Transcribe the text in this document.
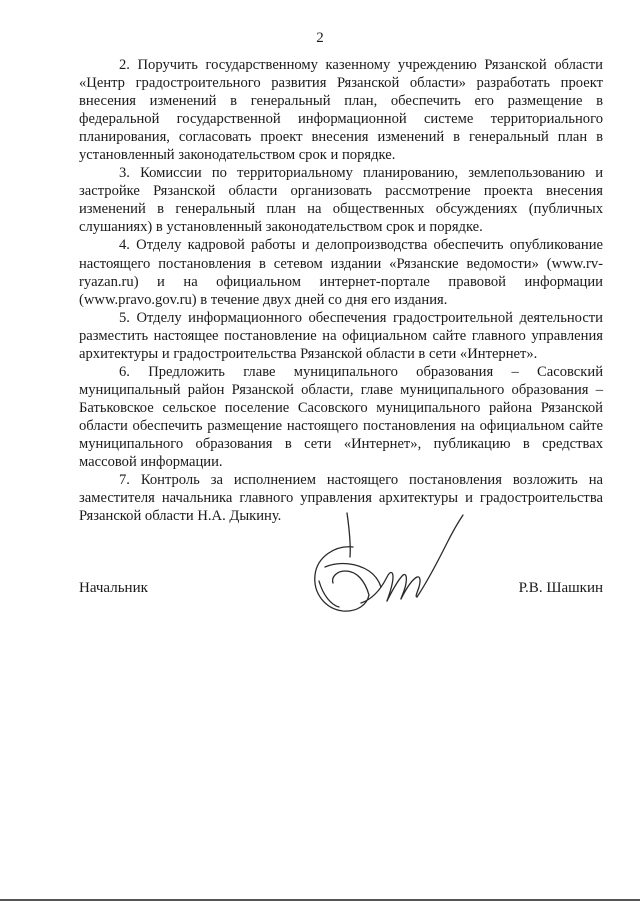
2

2. Поручить государственному казенному учреждению Рязанской области «Центр градостроительного развития Рязанской области» разработать проект внесения изменений в генеральный план, обеспечить его размещение в федеральной государственной информационной системе территориального планирования, согласовать проект внесения изменений в генеральный план в установленный законодательством срок и порядке.

3. Комиссии по территориальному планированию, землепользованию и застройке Рязанской области организовать рассмотрение проекта внесения изменений в генеральный план на общественных обсуждениях (публичных слушаниях) в установленный законодательством срок и порядке.

4. Отделу кадровой работы и делопроизводства обеспечить опубликование настоящего постановления в сетевом издании «Рязанские ведомости» (www.rv-ryazan.ru) и на официальном интернет-портале правовой информации (www.pravo.gov.ru) в течение двух дней со дня его издания.

5. Отделу информационного обеспечения градостроительной деятельности разместить настоящее постановление на официальном сайте главного управления архитектуры и градостроительства Рязанской области в сети «Интернет».

6. Предложить главе муниципального образования – Сасовский муниципальный район Рязанской области, главе муниципального образования – Батьковское сельское поселение Сасовского муниципального района Рязанской области обеспечить размещение настоящего постановления на официальном сайте муниципального образования в сети «Интернет», публикацию в средствах массовой информации.

7. Контроль за исполнением настоящего постановления возложить на заместителя начальника главного управления архитектуры и градостроительства Рязанской области Н.А. Дыкину.

Начальник	Р.В. Шашкин
